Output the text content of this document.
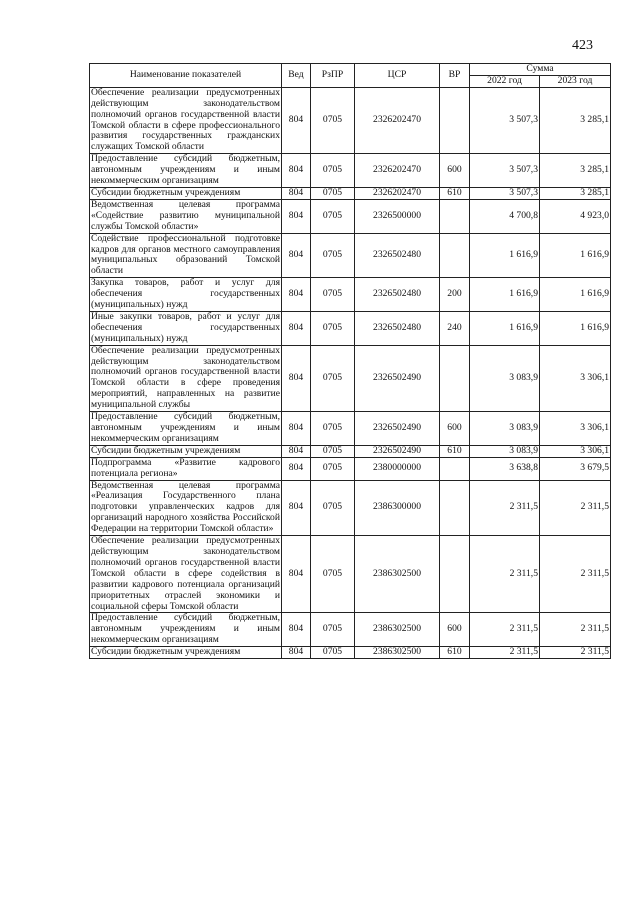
423
Наименование показателей	Вед	РзПР	ЦСР	ВР	Сумма	
					2022 год	2023 год
Обеспечение реализации предусмотренных действующим законодательством полномочий органов государственной власти Томской области в сфере профессионального развития государственных гражданских служащих Томской области	804	0705	2326202470		3 507,3	3 285,1
Предоставление субсидий бюджетным, автономным учреждениям и иным некоммерческим организациям	804	0705	2326202470	600	3 507,3	3 285,1
Субсидии бюджетным учреждениям	804	0705	2326202470	610	3 507,3	3 285,1
Ведомственная целевая программа «Содействие развитию муниципальной службы Томской области»	804	0705	2326500000		4 700,8	4 923,0
Содействие профессиональной подготовке кадров для органов местного самоуправления муниципальных образований Томской области	804	0705	2326502480		1 616,9	1 616,9
Закупка товаров, работ и услуг для обеспечения государственных (муниципальных) нужд	804	0705	2326502480	200	1 616,9	1 616,9
Иные закупки товаров, работ и услуг для обеспечения государственных (муниципальных) нужд	804	0705	2326502480	240	1 616,9	1 616,9
Обеспечение реализации предусмотренных действующим законодательством полномочий органов государственной власти Томской области в сфере проведения мероприятий, направленных на развитие муниципальной службы	804	0705	2326502490		3 083,9	3 306,1
Предоставление субсидий бюджетным, автономным учреждениям и иным некоммерческим организациям	804	0705	2326502490	600	3 083,9	3 306,1
Субсидии бюджетным учреждениям	804	0705	2326502490	610	3 083,9	3 306,1
Подпрограмма «Развитие кадрового потенциала региона»	804	0705	2380000000		3 638,8	3 679,5
Ведомственная целевая программа «Реализация Государственного плана подготовки управленческих кадров для организаций народного хозяйства Российской Федерации на территории Томской области»	804	0705	2386300000		2 311,5	2 311,5
Обеспечение реализации предусмотренных действующим законодательством полномочий органов государственной власти Томской области в сфере содействия в развитии кадрового потенциала организаций приоритетных отраслей экономики и социальной сферы Томской области	804	0705	2386302500		2 311,5	2 311,5
Предоставление субсидий бюджетным, автономным учреждениям и иным некоммерческим организациям	804	0705	2386302500	600	2 311,5	2 311,5
Субсидии бюджетным учреждениям	804	0705	2386302500	610	2 311,5	2 311,5
